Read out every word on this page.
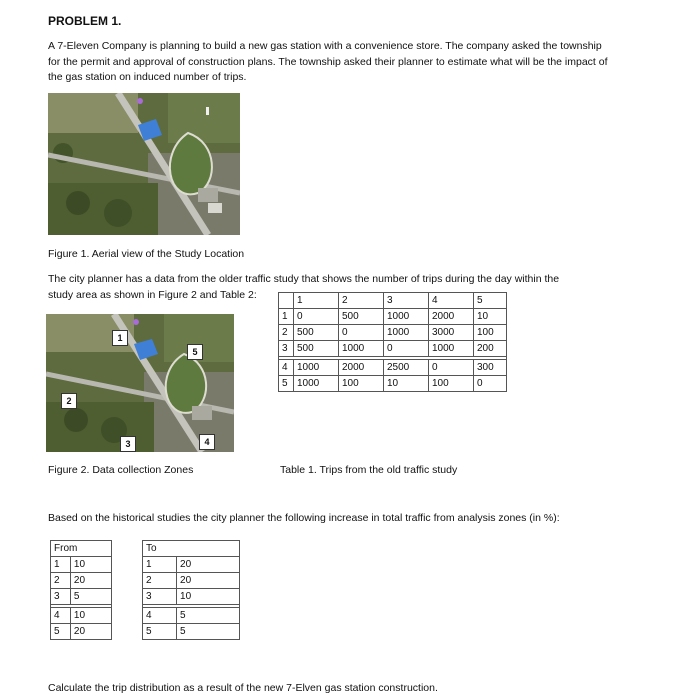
PROBLEM 1.
A 7-Eleven Company is planning to build a new gas station with a convenience store. The company asked the township for the permit and approval of construction plans. The township asked their planner to estimate what will be the impact of the gas station on induced number of trips.
Figure 1. Aerial view of the Study Location
The city planner has a data from the older traffic study that shows the number of trips during the day within the
study area as shown in Figure 2 and Table 2:
1
2
3	4
5
	1	2	3	4	5
1	0	500	1000	2000	10
2	500	0	1000	3000	100
3	500	1000	0	1000	200

4	1000	2000	2500	0	300
5	1000	100	10	100	0
Figure 2. Data collection Zones	Table 1. Trips from the old traffic study
Based on the historical studies the city planner the following increase in total traffic from analysis zones (in %):
From	
1	10
2	20
3	5

4	10
5	20
To	
1	20
2	20
3	10

4	5
5	5
Calculate the trip distribution as a result of the new 7-Elven gas station construction.
